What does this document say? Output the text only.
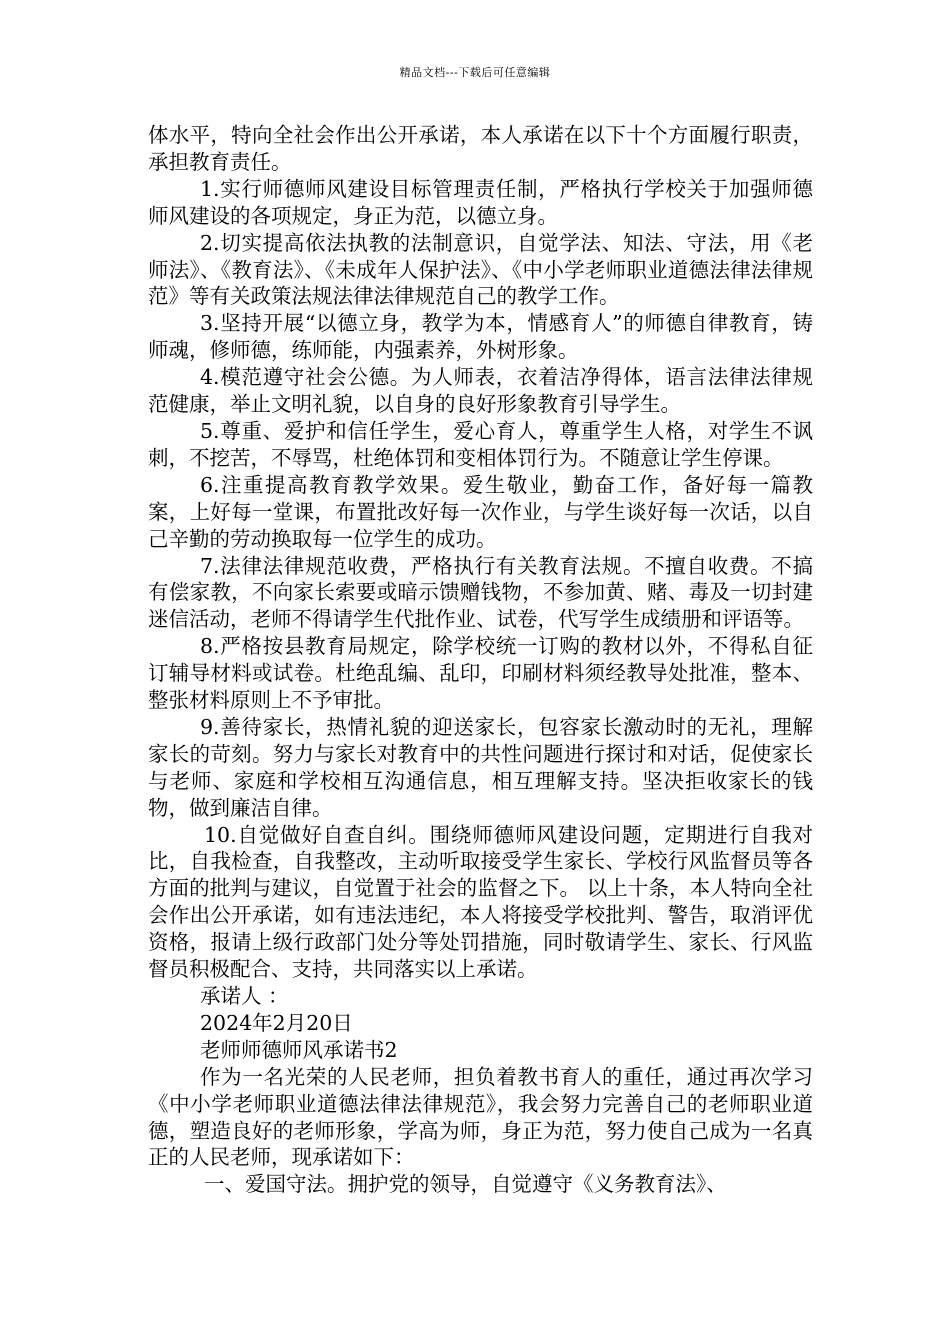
精品文档---下载后可任意编辑

体水平，特向全社会作出公开承诺，本人承诺在以下十个方面履行职责，承担教育责任。

1.实行师德师风建设目标管理责任制，严格执行学校关于加强师德师风建设的各项规定，身正为范，以德立身。

2.切实提高依法执教的法制意识，自觉学法、知法、守法，用《老师法》、《教育法》、《未成年人保护法》、《中小学老师职业道德法律法律规范》等有关政策法规法律法律规范自己的教学工作。

3.坚持开展“以德立身，教学为本，情感育人”的师德自律教育，铸师魂，修师德，练师能，内强素养，外树形象。

4.模范遵守社会公德。为人师表，衣着洁净得体，语言法律法律规范健康，举止文明礼貌，以自身的良好形象教育引导学生。

5.尊重、爱护和信任学生，爱心育人，尊重学生人格，对学生不讽刺，不挖苦，不辱骂，杜绝体罚和变相体罚行为。不随意让学生停课。

6.注重提高教育教学效果。爱生敬业，勤奋工作，备好每一篇教案，上好每一堂课，布置批改好每一次作业，与学生谈好每一次话，以自己辛勤的劳动换取每一位学生的成功。

7.法律法律规范收费，严格执行有关教育法规。不擅自收费。不搞有偿家教，不向家长索要或暗示馈赠钱物，不参加黄、赌、毒及一切封建迷信活动，老师不得请学生代批作业、试卷，代写学生成绩册和评语等。

8.严格按县教育局规定，除学校统一订购的教材以外，不得私自征订辅导材料或试卷。杜绝乱编、乱印，印刷材料须经教导处批准，整本、整张材料原则上不予审批。

9.善待家长，热情礼貌的迎送家长，包容家长激动时的无礼，理解家长的苛刻。努力与家长对教育中的共性问题进行探讨和对话，促使家长与老师、家庭和学校相互沟通信息，相互理解支持。坚决拒收家长的钱物，做到廉洁自律。

10.自觉做好自查自纠。围绕师德师风建设问题，定期进行自我对比，自我检查，自我整改，主动听取接受学生家长、学校行风监督员等各方面的批判与建议，自觉置于社会的监督之下。 以上十条，本人特向全社会作出公开承诺，如有违法违纪，本人将接受学校批判、警告，取消评优资格，报请上级行政部门处分等处罚措施，同时敬请学生、家长、行风监督员积极配合、支持，共同落实以上承诺。

承诺人 ：

2024年2月20日

老师师德师风承诺书2

作为一名光荣的人民老师，担负着教书育人的重任，通过再次学习《中小学老师职业道德法律法律规范》，我会努力完善自己的老师职业道德，塑造良好的老师形象，学高为师，身正为范，努力使自己成为一名真正的人民老师，现承诺如下：

一、爱国守法。拥护党的领导，自觉遵守《义务教育法》、
